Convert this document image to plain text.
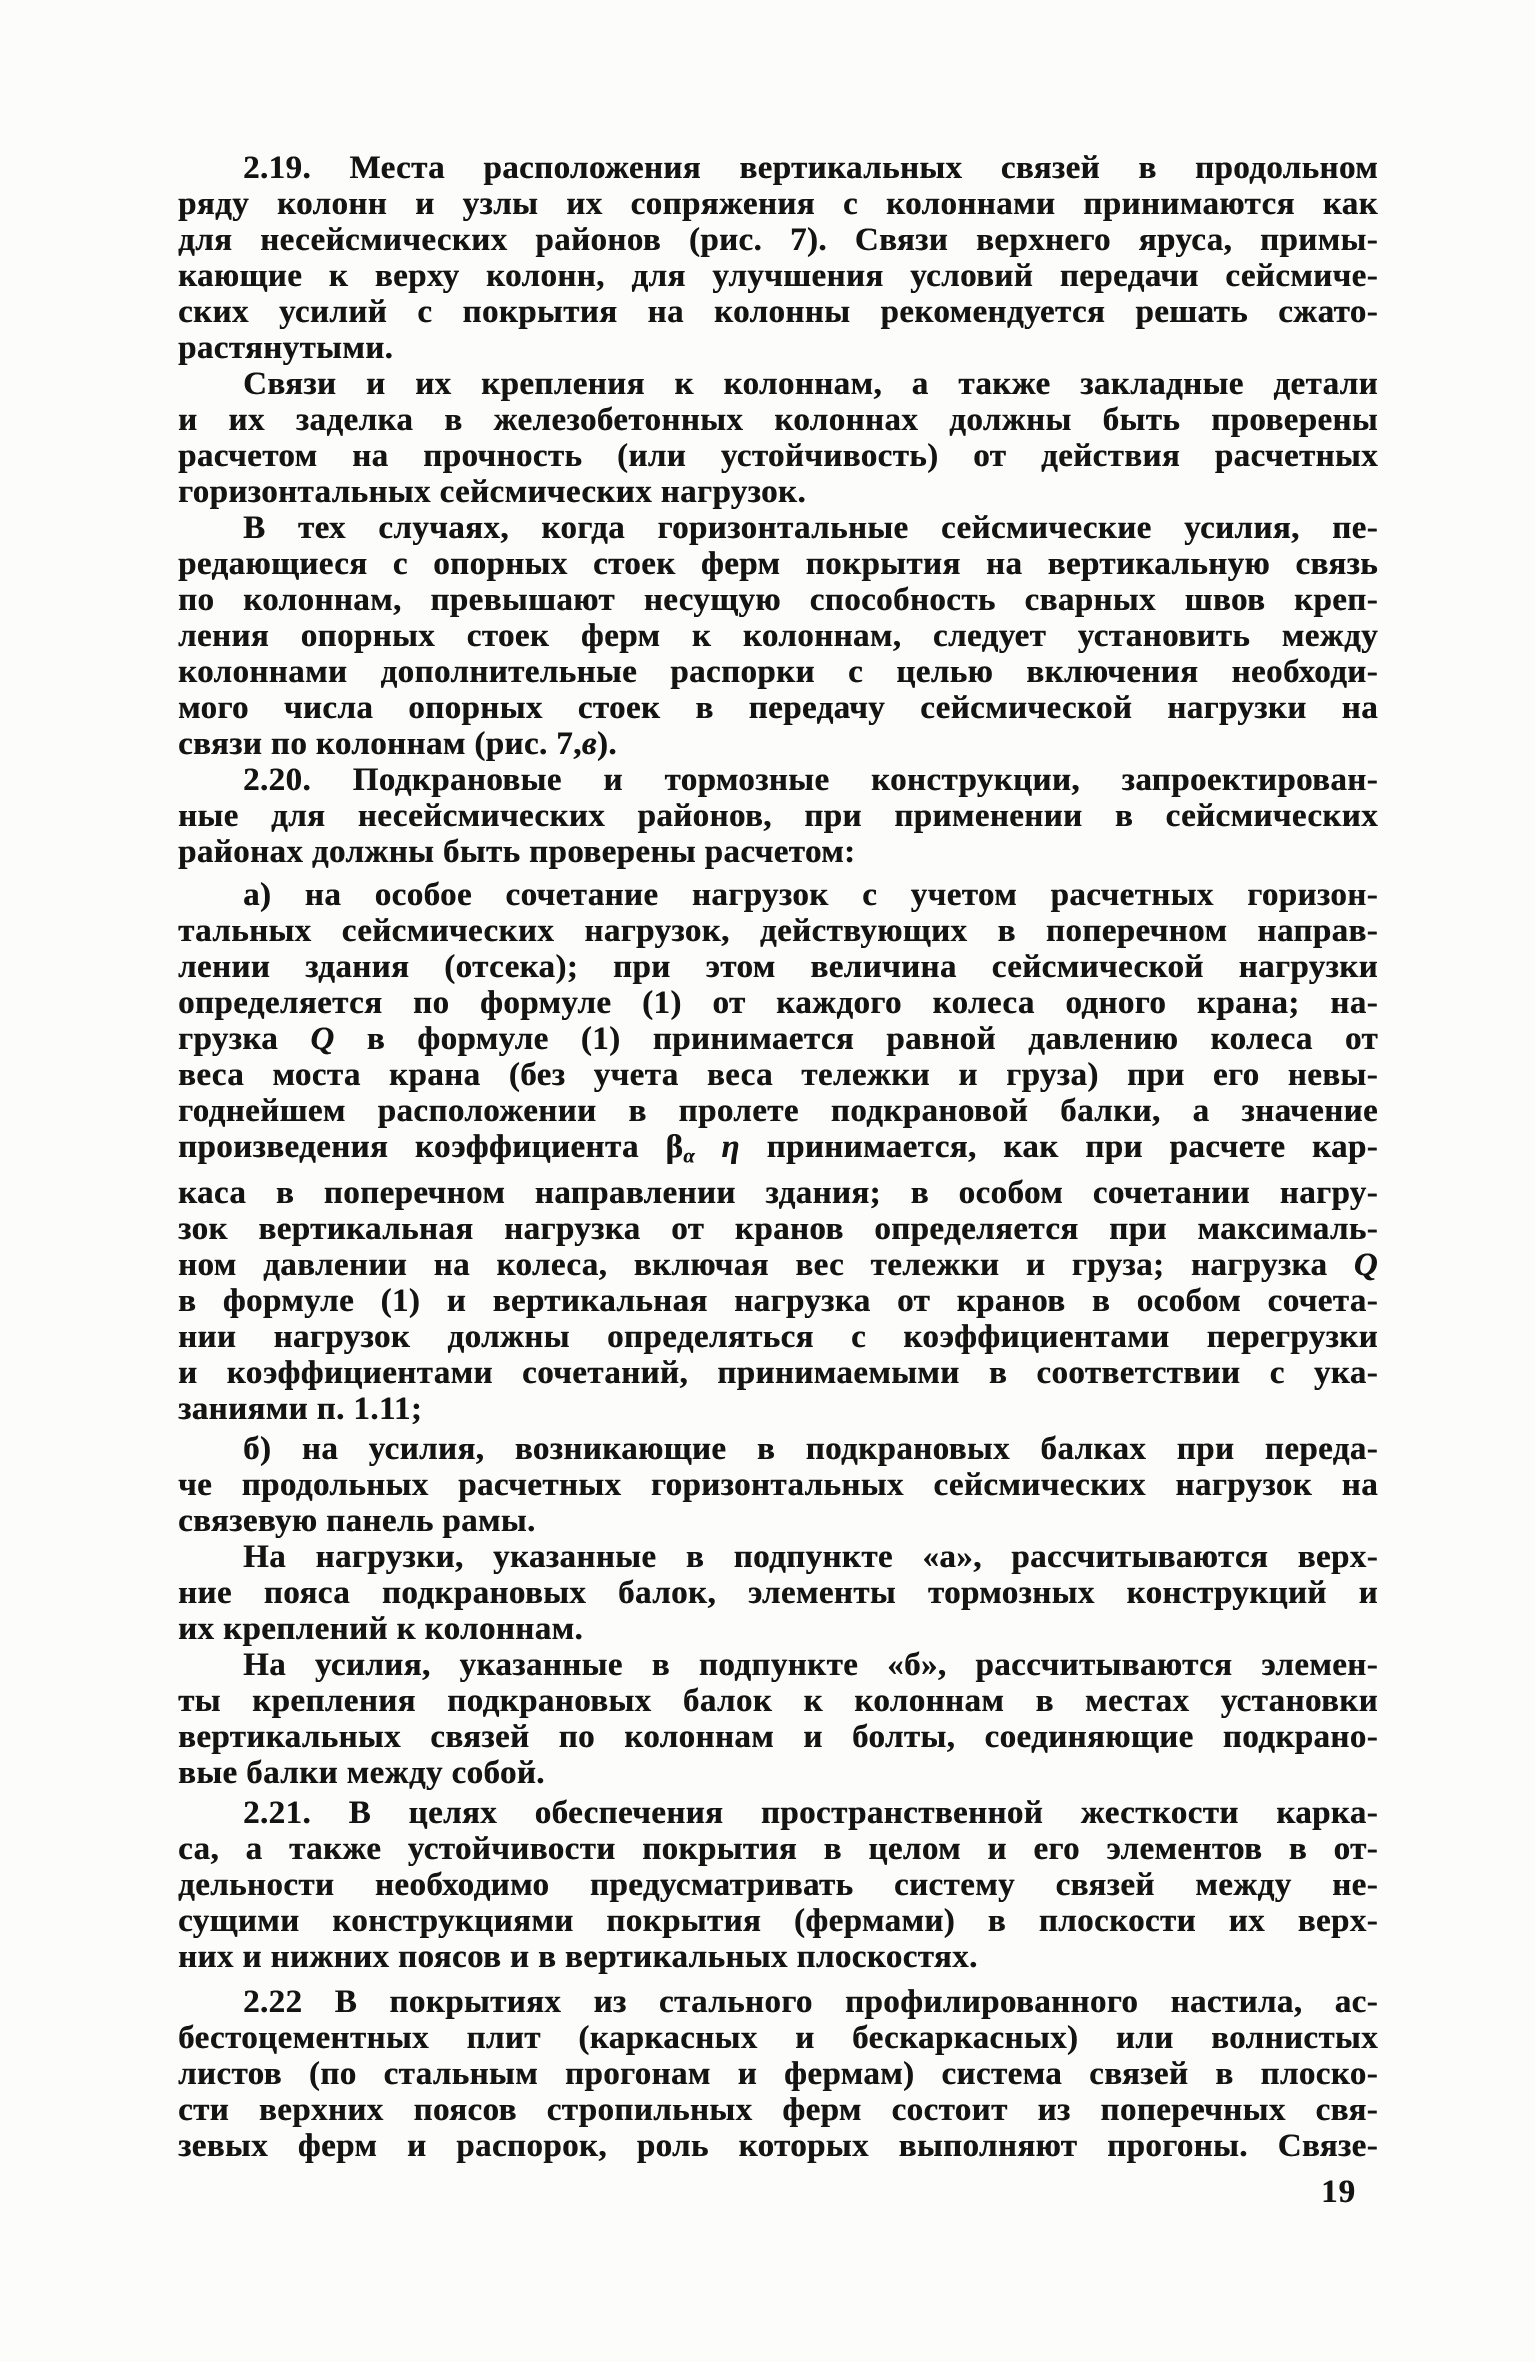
2.19. Места расположения вертикальных связей в продольном
ряду колонн и узлы их сопряжения с колоннами принимаются как
для несейсмических районов (рис. 7). Связи верхнего яруса, примы-
кающие к верху колонн, для улучшения условий передачи сейсмиче-
ских усилий с покрытия на колонны рекомендуется решать сжато-
растянутыми.
Связи и их крепления к колоннам, а также закладные детали
и их заделка в железобетонных колоннах должны быть проверены
расчетом на прочность (или устойчивость) от действия расчетных
горизонтальных сейсмических нагрузок.
В тех случаях, когда горизонтальные сейсмические усилия, пе-
редающиеся с опорных стоек ферм покрытия на вертикальную связь
по колоннам, превышают несущую способность сварных швов креп-
ления опорных стоек ферм к колоннам, следует установить между
колоннами дополнительные распорки с целью включения необходи-
мого числа опорных стоек в передачу сейсмической нагрузки на
связи по колоннам (рис. 7,в).
2.20. Подкрановые и тормозные конструкции, запроектирован-
ные для несейсмических районов, при применении в сейсмических
районах должны быть проверены расчетом:
а) на особое сочетание нагрузок с учетом расчетных горизон-
тальных сейсмических нагрузок, действующих в поперечном направ-
лении здания (отсека); при этом величина сейсмической нагрузки
определяется по формуле (1) от каждого колеса одного крана; на-
грузка Q в формуле (1) принимается равной давлению колеса от
веса моста крана (без учета веса тележки и груза) при его невы-
годнейшем расположении в пролете подкрановой балки, а значение
произведения коэффициента $\beta_\alpha$ η принимается, как при расчете кар-
каса в поперечном направлении здания; в особом сочетании нагру-
зок вертикальная нагрузка от кранов определяется при максималь-
ном давлении на колеса, включая вес тележки и груза; нагрузка Q
в формуле (1) и вертикальная нагрузка от кранов в особом сочета-
нии нагрузок должны определяться с коэффициентами перегрузки
и коэффициентами сочетаний, принимаемыми в соответствии с ука-
заниями п. 1.11;
б) на усилия, возникающие в подкрановых балках при переда-
че продольных расчетных горизонтальных сейсмических нагрузок на
связевую панель рамы.
На нагрузки, указанные в подпункте «а», рассчитываются верх-
ние пояса подкрановых балок, элементы тормозных конструкций и
их креплений к колоннам.
На усилия, указанные в подпункте «б», рассчитываются элемен-
ты крепления подкрановых балок к колоннам в местах установки
вертикальных связей по колоннам и болты, соединяющие подкрано-
вые балки между собой.
2.21. В целях обеспечения пространственной жесткости карка-
са, а также устойчивости покрытия в целом и его элементов в от-
дельности необходимо предусматривать систему связей между не-
сущими конструкциями покрытия (фермами) в плоскости их верх-
них и нижних поясов и в вертикальных плоскостях.
2.22 В покрытиях из стального профилированного настила, ас-
бестоцементных плит (каркасных и бескаркасных) или волнистых
листов (по стальным прогонам и фермам) система связей в плоско-
сти верхних поясов стропильных ферм состоит из поперечных свя-
зевых ферм и распорок, роль которых выполняют прогоны. Связе-
19
